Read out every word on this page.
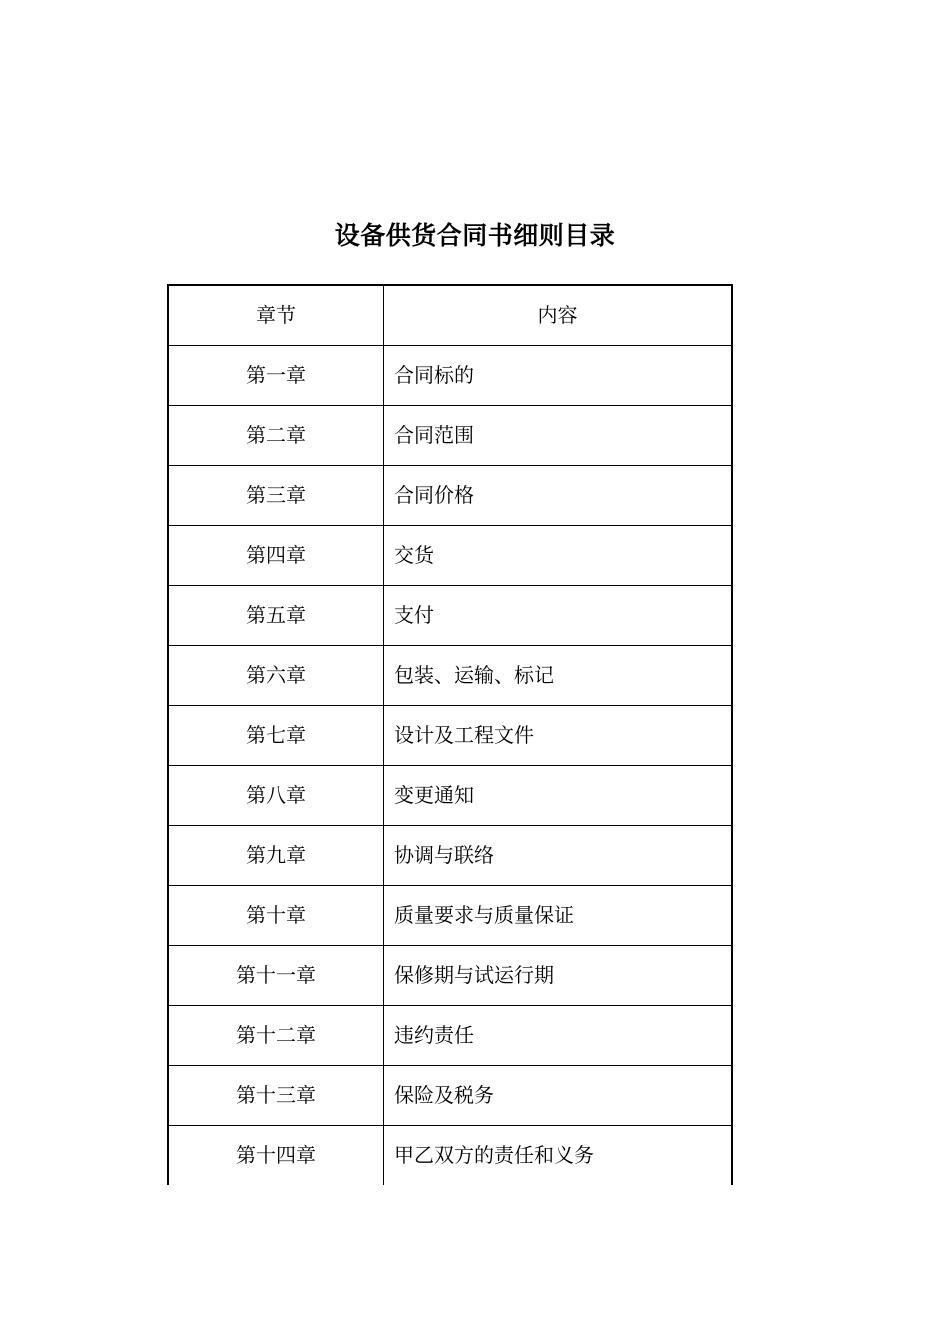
设备供货合同书细则目录
章节	内容
第一章	合同标的
第二章	合同范围
第三章	合同价格
第四章	交货
第五章	支付
第六章	包装、运输、标记
第七章	设计及工程文件
第八章	变更通知
第九章	协调与联络
第十章	质量要求与质量保证
第十一章	保修期与试运行期
第十二章	违约责任
第十三章	保险及税务
第十四章	甲乙双方的责任和义务
